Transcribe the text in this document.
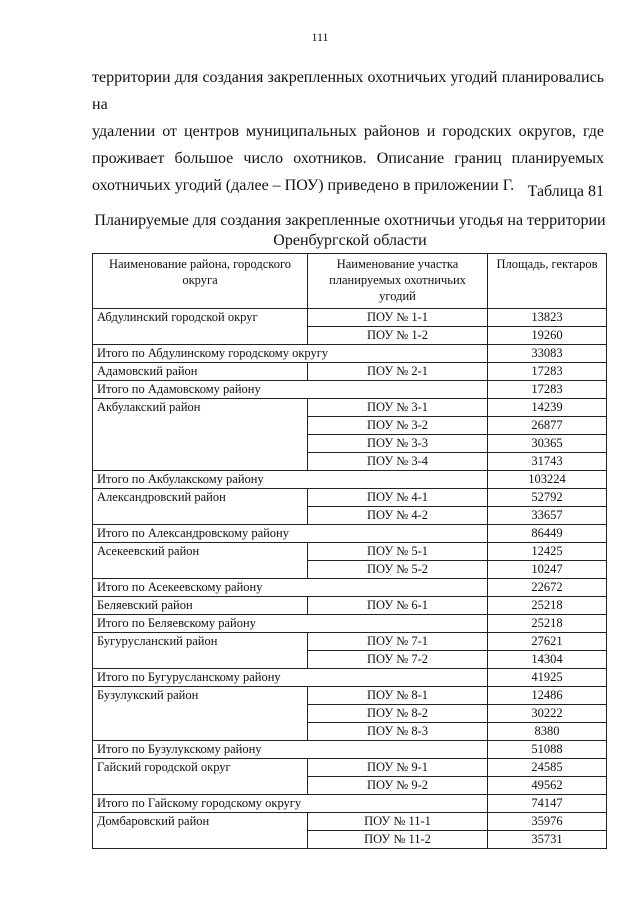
111
территории для создания закрепленных охотничьих угодий планировались на
удалении от центров муниципальных районов и городских округов, где
проживает большое число охотников. Описание границ планируемых
охотничьих угодий (далее – ПОУ) приведено в приложении Г. Таблица 81
Планируемые для создания закрепленные охотничьи угодья на территории Оренбургской области
Наименование района, городского округа	Наименование участка планируемых охотничьих угодий	Площадь, гектаров
Абдулинский городской округ	ПОУ № 1-1	13823
	ПОУ № 1-2	19260
Итого по Абдулинскому городскому округу		33083
Адамовский район	ПОУ № 2-1	17283
Итого по Адамовскому району		17283
Акбулакский район	ПОУ № 3-1	14239
	ПОУ № 3-2	26877
	ПОУ № 3-3	30365
	ПОУ № 3-4	31743
Итого по Акбулакскому району		103224
Александровский район	ПОУ № 4-1	52792
	ПОУ № 4-2	33657
Итого по Александровскому району		86449
Асекеевский район	ПОУ № 5-1	12425
	ПОУ № 5-2	10247
Итого по Асекеевскому району		22672
Беляевский район	ПОУ № 6-1	25218
Итого по Беляевскому району		25218
Бугурусланский район	ПОУ № 7-1	27621
	ПОУ № 7-2	14304
Итого по Бугурусланскому району		41925
Бузулукский район	ПОУ № 8-1	12486
	ПОУ № 8-2	30222
	ПОУ № 8-3	8380
Итого по Бузулукскому району		51088
Гайский городской округ	ПОУ № 9-1	24585
	ПОУ № 9-2	49562
Итого по Гайскому городскому округу		74147
Домбаровский район	ПОУ № 11-1	35976
	ПОУ № 11-2	35731
